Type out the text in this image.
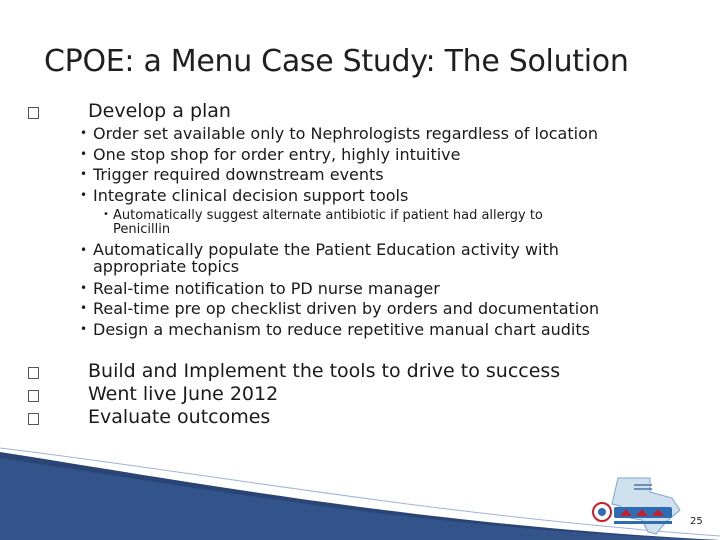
CPOE: a Menu Case Study: The Solution
Develop a plan
• Order set available only to Nephrologists regardless of location
• One stop shop for order entry, highly intuitive
• Trigger required downstream events
• Integrate clinical decision support tools
• Automatically suggest alternate antibiotic if patient had allergy to
Penicillin
• Automatically populate the Patient Education activity with
appropriate topics
• Real-time notification to PD nurse manager
• Real-time pre op checklist driven by orders and documentation
• Design a mechanism to reduce repetitive manual chart audits
Build and Implement the tools to drive to success
Went live June 2012
Evaluate outcomes
25
